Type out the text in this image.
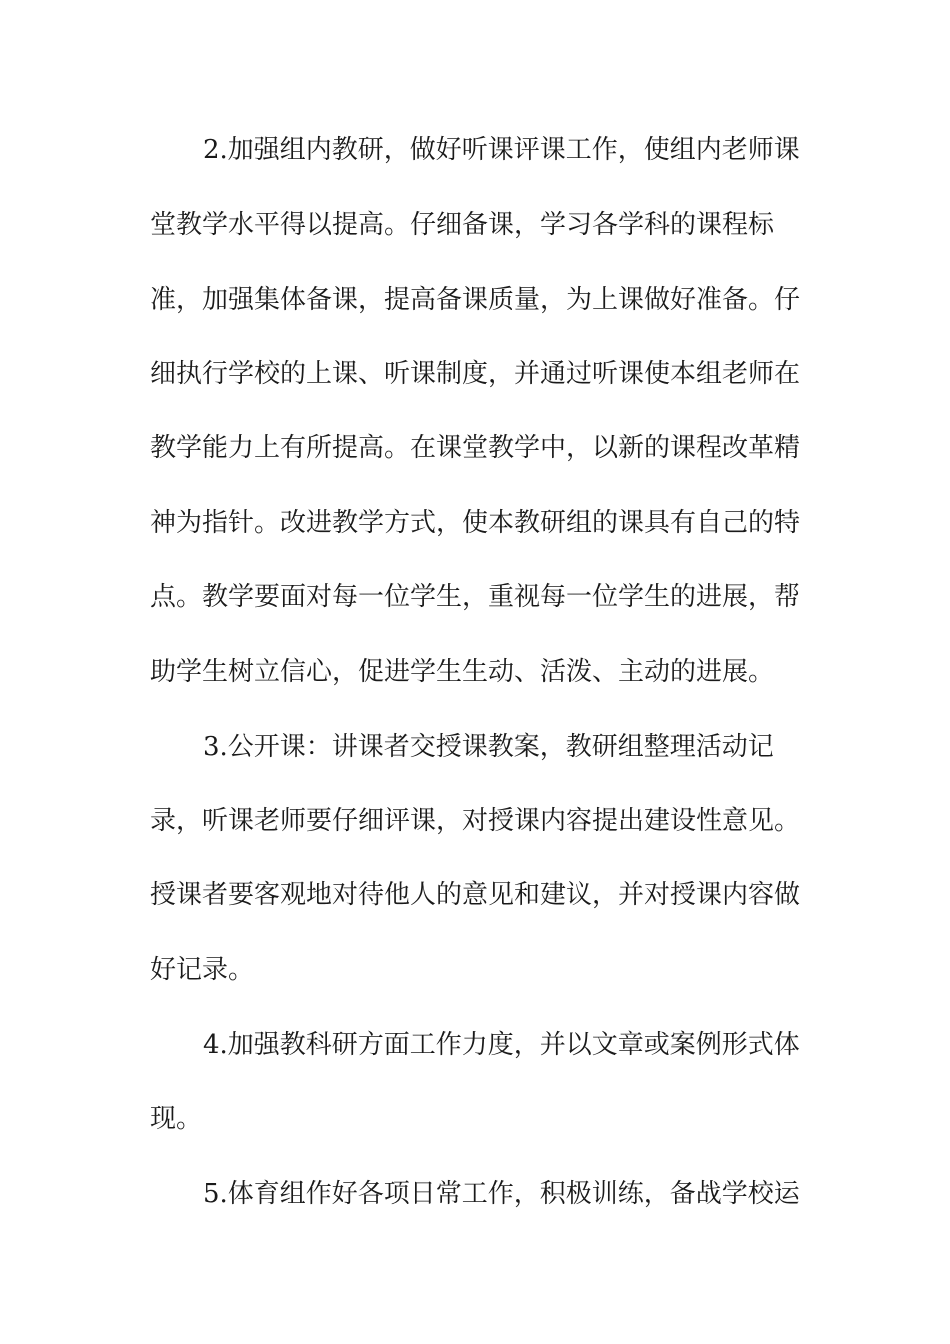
2.加强组内教研，做好听课评课工作，使组内老师课
堂教学水平得以提高。仔细备课，学习各学科的课程标
准，加强集体备课，提高备课质量，为上课做好准备。仔
细执行学校的上课、听课制度，并通过听课使本组老师在
教学能力上有所提高。在课堂教学中，以新的课程改革精
神为指针。改进教学方式，使本教研组的课具有自己的特
点。教学要面对每一位学生，重视每一位学生的进展，帮
助学生树立信心，促进学生生动、活泼、主动的进展。
3.公开课：讲课者交授课教案，教研组整理活动记
录，听课老师要仔细评课，对授课内容提出建设性意见。
授课者要客观地对待他人的意见和建议，并对授课内容做
好记录。
4.加强教科研方面工作力度，并以文章或案例形式体
现。
5.体育组作好各项日常工作，积极训练，备战学校运
